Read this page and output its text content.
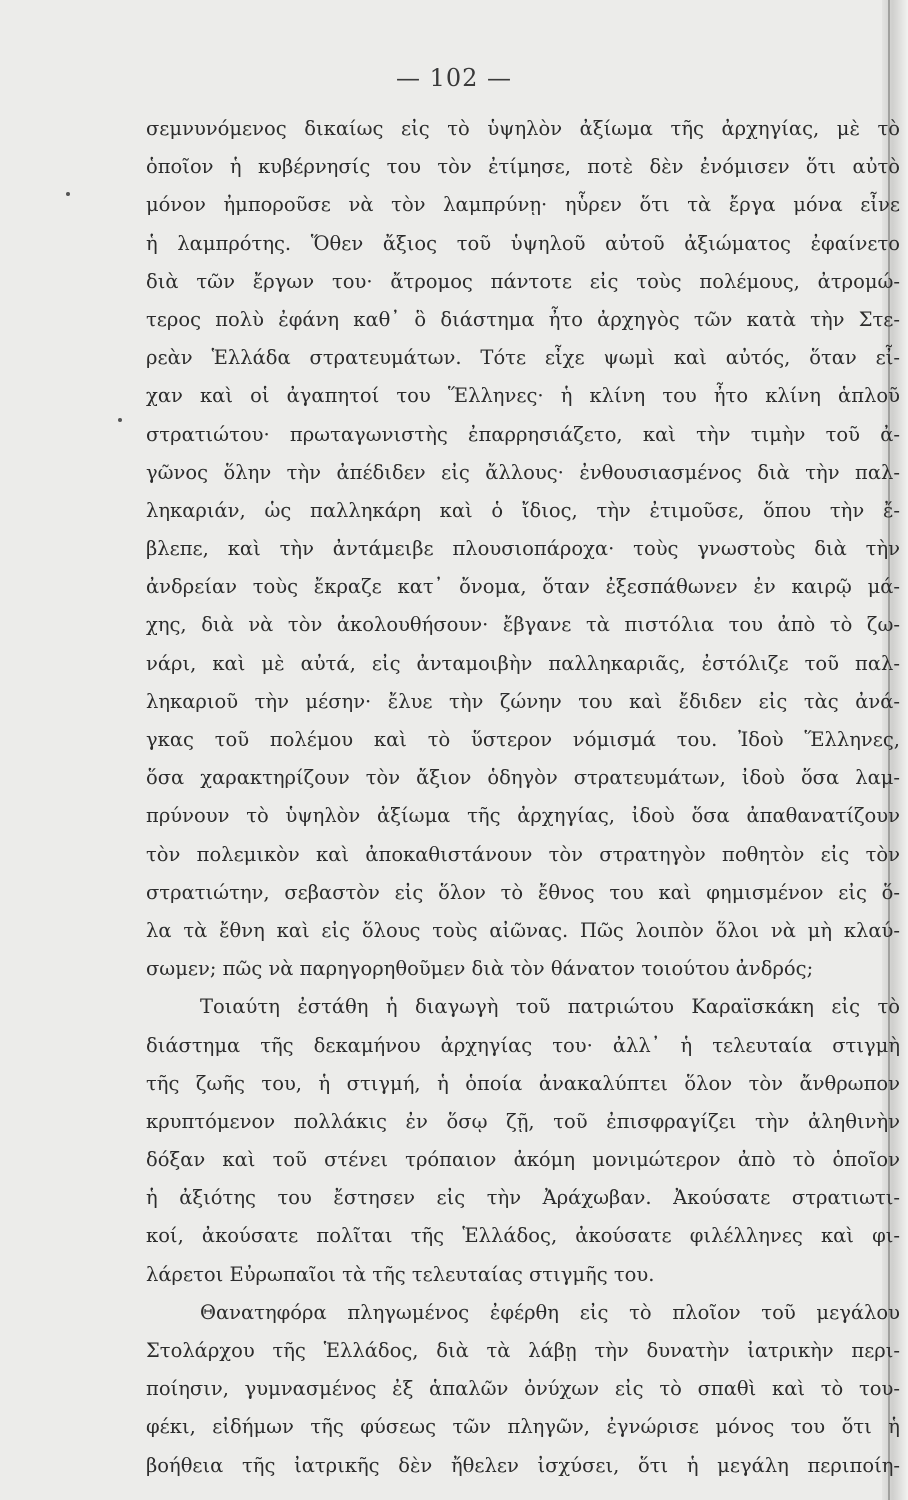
— 102 —
σεμνυνόμενος δικαίως εἰς τὸ ὑψηλὸν ἀξίωμα τῆς ἀρχηγίας, μὲ τὸ
ὁποῖον ἡ κυβέρνησίς του τὸν ἐτίμησε, ποτὲ δὲν ἐνόμισεν ὅτι αὐτὸ
μόνον ἠμποροῦσε νὰ τὸν λαμπρύνῃ· ηὗρεν ὅτι τὰ ἔργα μόνα εἶνε
ἡ λαμπρότης. Ὅθεν ἄξιος τοῦ ὑψηλοῦ αὐτοῦ ἀξιώματος ἐφαίνετο
διὰ τῶν ἔργων του· ἄτρομος πάντοτε εἰς τοὺς πολέμους, ἀτρομώ-
τερος πολὺ ἐφάνη καθ᾽ ὃ διάστημα ἦτο ἀρχηγὸς τῶν κατὰ τὴν Στε-
ρεὰν Ἑλλάδα στρατευμάτων. Τότε εἶχε ψωμὶ καὶ αὐτός, ὅταν εἶ-
χαν καὶ οἱ ἀγαπητοί του Ἕλληνες· ἡ κλίνη του ἦτο κλίνη ἁπλοῦ
στρατιώτου· πρωταγωνιστὴς ἐπαρρησιάζετο, καὶ τὴν τιμὴν τοῦ ἀ-
γῶνος ὅλην τὴν ἀπέδιδεν εἰς ἄλλους· ἐνθουσιασμένος διὰ τὴν παλ-
ληκαριάν, ὡς παλληκάρη καὶ ὁ ἴδιος, τὴν ἐτιμοῦσε, ὅπου τὴν ἔ-
βλεπε, καὶ τὴν ἀντάμειβε πλουσιοπάροχα· τοὺς γνωστοὺς διὰ τὴν
ἀνδρείαν τοὺς ἔκραζε κατ᾽ ὄνομα, ὅταν ἐξεσπάθωνεν ἐν καιρῷ μά-
χης, διὰ νὰ τὸν ἀκολουθήσουν· ἔβγανε τὰ πιστόλια του ἀπὸ τὸ ζω-
νάρι, καὶ μὲ αὐτά, εἰς ἀνταμοιβὴν παλληκαριᾶς, ἐστόλιζε τοῦ παλ-
ληκαριοῦ τὴν μέσην· ἔλυε τὴν ζώνην του καὶ ἔδιδεν εἰς τὰς ἀνά-
γκας τοῦ πολέμου καὶ τὸ ὕστερον νόμισμά του. Ἰδοὺ Ἕλληνες,
ὅσα χαρακτηρίζουν τὸν ἄξιον ὁδηγὸν στρατευμάτων, ἰδοὺ ὅσα λαμ-
πρύνουν τὸ ὑψηλὸν ἀξίωμα τῆς ἀρχηγίας, ἰδοὺ ὅσα ἀπαθανατίζουν
τὸν πολεμικὸν καὶ ἀποκαθιστάνουν τὸν στρατηγὸν ποθητὸν εἰς τὸν
στρατιώτην, σεβαστὸν εἰς ὅλον τὸ ἔθνος του καὶ φημισμένον εἰς ὅ-
λα τὰ ἔθνη καὶ εἰς ὅλους τοὺς αἰῶνας. Πῶς λοιπὸν ὅλοι νὰ μὴ κλαύ-
σωμεν; πῶς νὰ παρηγορηθοῦμεν διὰ τὸν θάνατον τοιούτου ἀνδρός;
Τοιαύτη ἐστάθη ἡ διαγωγὴ τοῦ πατριώτου Καραϊσκάκη εἰς τὸ
διάστημα τῆς δεκαμήνου ἀρχηγίας του· ἀλλ᾽ ἡ τελευταία στιγμὴ
τῆς ζωῆς του, ἡ στιγμή, ἡ ὁποία ἀνακαλύπτει ὅλον τὸν ἄνθρωπον
κρυπτόμενον πολλάκις ἐν ὅσῳ ζῇ, τοῦ ἐπισφραγίζει τὴν ἀληθινὴν
δόξαν καὶ τοῦ στένει τρόπαιον ἀκόμη μονιμώτερον ἀπὸ τὸ ὁποῖον
ἡ ἀξιότης του ἔστησεν εἰς τὴν Ἀράχωβαν. Ἀκούσατε στρατιωτι-
κοί, ἀκούσατε πολῖται τῆς Ἑλλάδος, ἀκούσατε φιλέλληνες καὶ φι-
λάρετοι Εὐρωπαῖοι τὰ τῆς τελευταίας στιγμῆς του.
Θανατηφόρα πληγωμένος ἐφέρθη εἰς τὸ πλοῖον τοῦ μεγάλου
Στολάρχου τῆς Ἑλλάδος, διὰ τὰ λάβῃ τὴν δυνατὴν ἰατρικὴν περι-
ποίησιν, γυμνασμένος ἐξ ἁπαλῶν ὀνύχων εἰς τὸ σπαθὶ καὶ τὸ του-
φέκι, εἰδήμων τῆς φύσεως τῶν πληγῶν, ἐγνώρισε μόνος του ὅτι ἡ
βοήθεια τῆς ἰατρικῆς δὲν ἤθελεν ἰσχύσει, ὅτι ἡ μεγάλη περιποίη-
